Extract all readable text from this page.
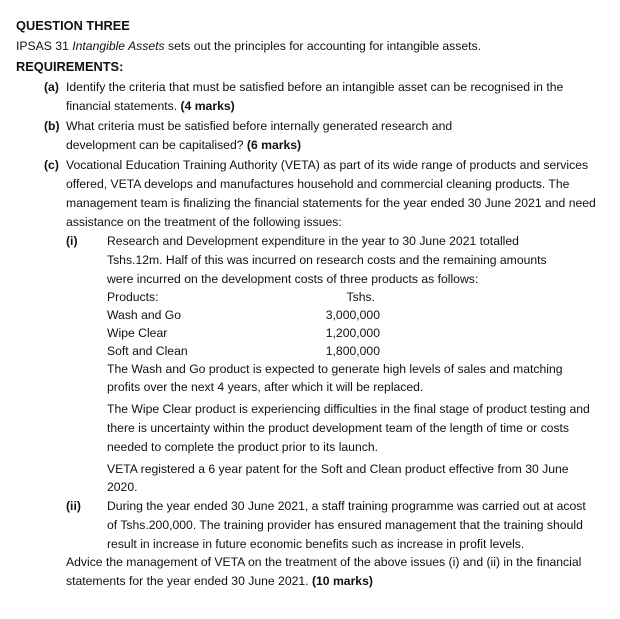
QUESTION THREE
IPSAS 31 Intangible Assets sets out the principles for accounting for intangible assets.
REQUIREMENTS:
(a) Identify the criteria that must be satisfied before an intangible asset can be recognised in the
financial statements. (4 marks)
(b) What criteria must be satisfied before internally generated research and
development can be capitalised? (6 marks)
(c) Vocational Education Training Authority (VETA) as part of its wide range of products and services
offered, VETA develops and manufactures household and commercial cleaning products. The
management team is finalizing the financial statements for the year ended 30 June 2021 and need
assistance on the treatment of the following issues:
(i) Research and Development expenditure in the year to 30 June 2021 totalled
Tshs.12m. Half of this was incurred on research costs and the remaining amounts
were incurred on the development costs of three products as follows:
Products:	Tshs.
Wash and Go	3,000,000
Wipe Clear	1,200,000
Soft and Clean	1,800,000
The Wash and Go product is expected to generate high levels of sales and matching
profits over the next 4 years, after which it will be replaced.
The Wipe Clear product is experiencing difficulties in the final stage of product testing and
there is uncertainty within the product development team of the length of time or costs
needed to complete the product prior to its launch.
VETA registered a 6 year patent for the Soft and Clean product effective from 30 June
2020.
(ii) During the year ended 30 June 2021, a staff training programme was carried out at acost
of Tshs.200,000. The training provider has ensured management that the training should
result in increase in future economic benefits such as increase in profit levels.
Advice the management of VETA on the treatment of the above issues (i) and (ii) in the financial
statements for the year ended 30 June 2021. (10 marks)
